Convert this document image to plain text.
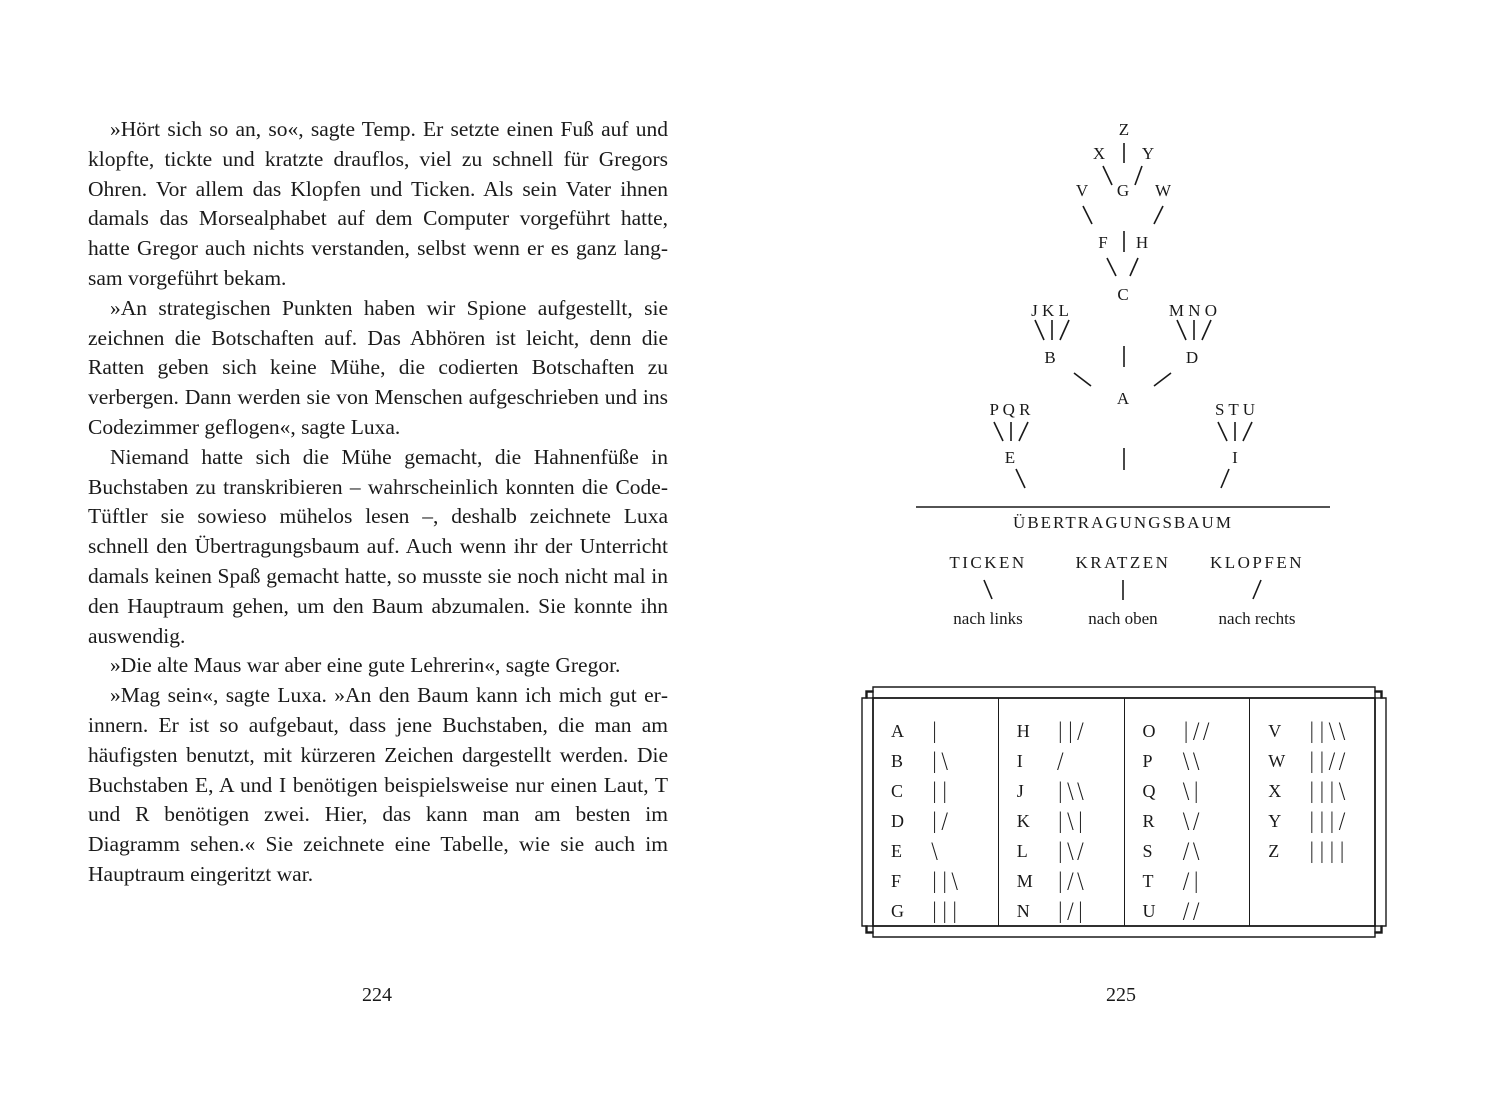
»Hört sich so an, so«, sagte Temp. Er setzte einen Fuß auf und klopfte, tickte und kratzte drauflos, viel zu schnell für Gregors Ohren. Vor allem das Klopfen und Ticken. Als sein Vater ihnen damals das Morsealphabet auf dem Computer vorgeführt hatte, hatte Gregor auch nichts verstanden, selbst wenn er es ganz langsam vorgeführt bekam.

»An strategischen Punkten haben wir Spione aufgestellt, sie zeichnen die Botschaften auf. Das Abhören ist leicht, denn die Ratten geben sich keine Mühe, die codierten Botschaften zu verbergen. Dann werden sie von Menschen aufgeschrieben und ins Codezimmer geflogen«, sagte Luxa.

Niemand hatte sich die Mühe gemacht, die Hahnenfüße in Buchstaben zu transkribieren – wahrscheinlich konnten die Code-Tüftler sie sowieso mühelos lesen –, deshalb zeichnete Luxa schnell den Übertragungsbaum auf. Auch wenn ihr der Unterricht damals keinen Spaß gemacht hatte, so musste sie noch nicht mal in den Hauptraum gehen, um den Baum abzumalen. Sie konnte ihn auswendig.

»Die alte Maus war aber eine gute Lehrerin«, sagte Gregor.

»Mag sein«, sagte Luxa. »An den Baum kann ich mich gut erinnern. Er ist so aufgebaut, dass jene Buchstaben, die man am häufigsten benutzt, mit kürzeren Zeichen dargestellt werden. Die Buchstaben E, A und I benötigen beispielsweise nur einen Laut, T und R benötigen zwei. Hier, das kann man am besten im Diagramm sehen.« Sie zeichnete eine Tabelle, wie sie auch im Hauptraum eingeritzt war.

224
Z
X Y
V G W
F H
C
J K L	M N O
B	D
A
P Q R	S T U
E	I
ÜBERTRAGUNGSBAUM
TICKEN	KRATZEN KLOPFEN
nach links	nach oben	nach rechts
A	|
B	|\
C	||
D	|/
E	\
F	||\
G	|||
H	||/
I	/
J	|\\
K	|\|
L	|\/
M	|/\
N	|/|
O	|//
P	\\
Q	\|
R	\/
S	/\
T	/|
U	//
V	||\\
W	||//
X	|||\
Y	|||/
Z	||||
225
